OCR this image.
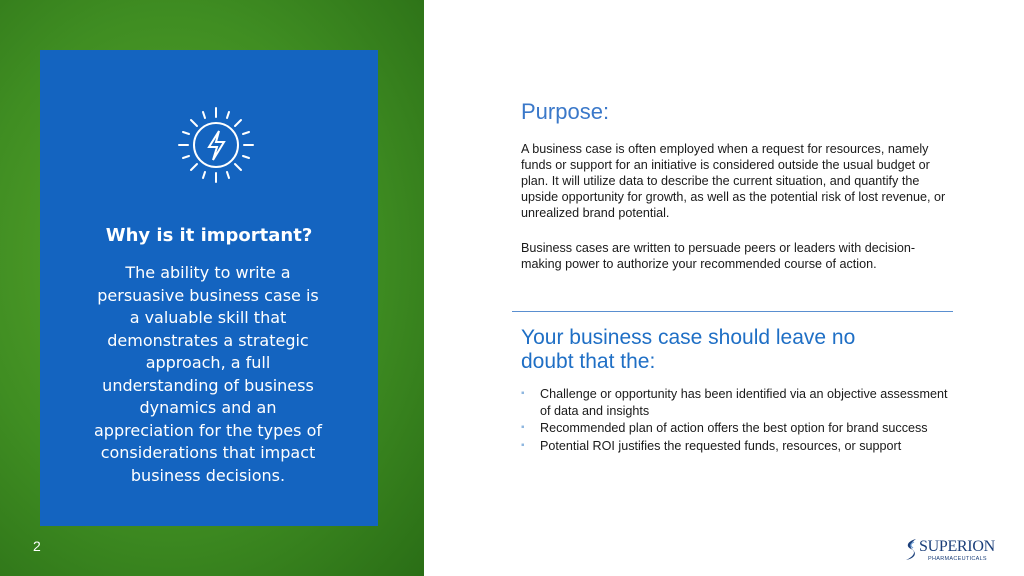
Why is it important?
The ability to write a persuasive business case is a valuable skill that demonstrates a strategic approach, a full understanding of business dynamics and an appreciation for the types of considerations that impact business decisions.
2
Purpose:
A business case is often employed when a request for resources, namely funds or support for an initiative is considered outside the usual budget or plan. It will utilize data to describe the current situation, and quantify the upside opportunity for growth, as well as the potential risk of lost revenue, or unrealized brand potential.
Business cases are written to persuade peers or leaders with decision-making power to authorize your recommended course of action.
Your business case should leave no doubt that the:
▪ Challenge or opportunity has been identified via an objective assessment of data and insights
▪ Recommended plan of action offers the best option for brand success
▪ Potential ROI justifies the requested funds, resources, or support
SUPERION
PHARMACEUTICALS
